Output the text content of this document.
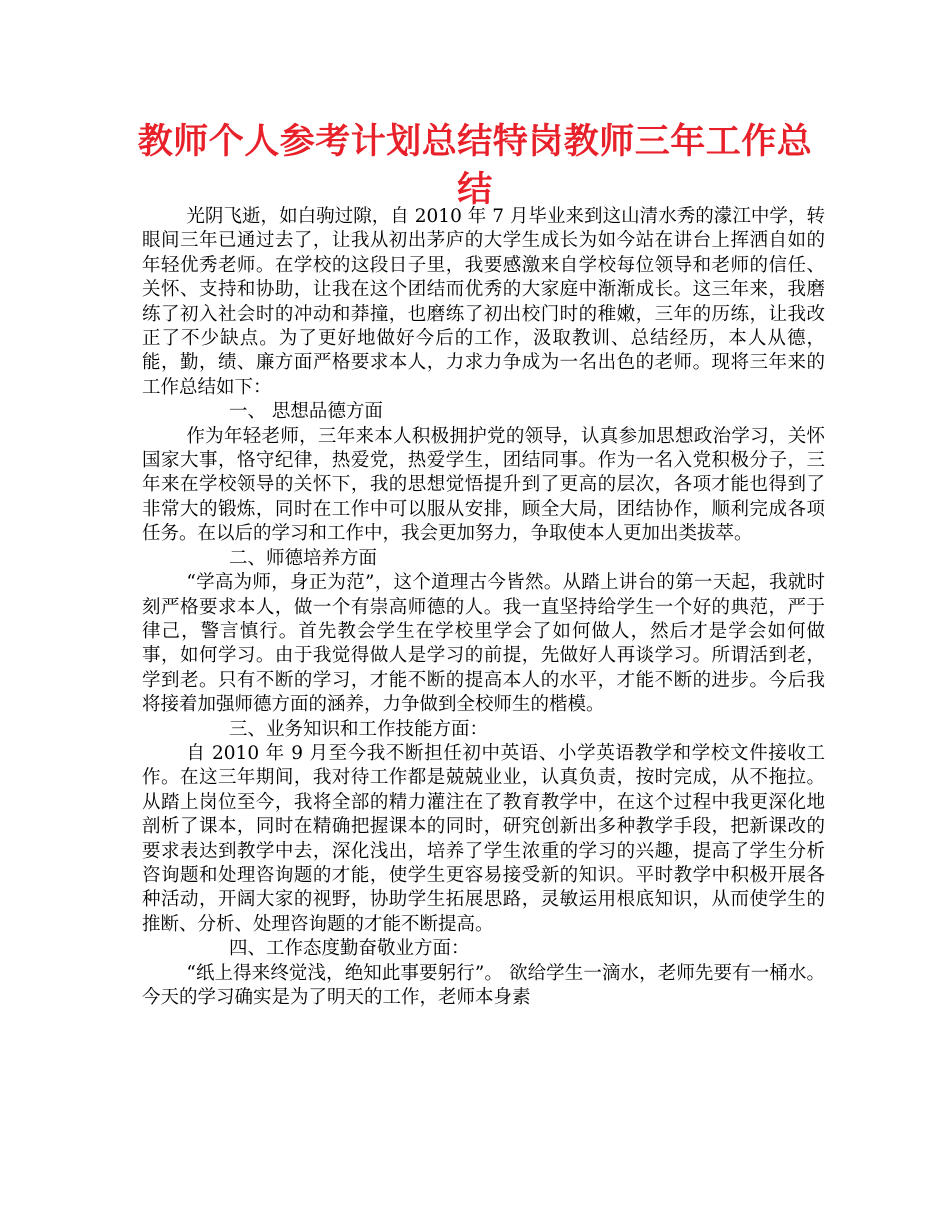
教师个人参考计划总结特岗教师三年工作总结

光阴飞逝，如白驹过隙，自 2010 年 7 月毕业来到这山清水秀的濛江中学，转眼间三年已通过去了，让我从初出茅庐的大学生成长为如今站在讲台上挥洒自如的年轻优秀老师。在学校的这段日子里，我要感激来自学校每位领导和老师的信任、关怀、支持和协助，让我在这个团结而优秀的大家庭中渐渐成长。这三年来，我磨练了初入社会时的冲动和莽撞，也磨练了初出校门时的稚嫩，三年的历练，让我改正了不少缺点。为了更好地做好今后的工作，汲取教训、总结经历，本人从德，能，勤，绩、廉方面严格要求本人，力求力争成为一名出色的老师。现将三年来的工作总结如下：

一、 思想品德方面

作为年轻老师，三年来本人积极拥护党的领导，认真参加思想政治学习，关怀国家大事，恪守纪律，热爱党，热爱学生，团结同事。作为一名入党积极分子，三年来在学校领导的关怀下，我的思想觉悟提升到了更高的层次，各项才能也得到了非常大的锻炼，同时在工作中可以服从安排，顾全大局，团结协作，顺利完成各项任务。在以后的学习和工作中，我会更加努力，争取使本人更加出类拔萃。

二、师德培养方面

“学高为师，身正为范”，这个道理古今皆然。从踏上讲台的第一天起，我就时刻严格要求本人，做一个有崇高师德的人。我一直坚持给学生一个好的典范，严于律己，警言慎行。首先教会学生在学校里学会了如何做人，然后才是学会如何做事，如何学习。由于我觉得做人是学习的前提，先做好人再谈学习。所谓活到老，学到老。只有不断的学习，才能不断的提高本人的水平，才能不断的进步。今后我将接着加强师德方面的涵养，力争做到全校师生的楷模。

三、业务知识和工作技能方面：

自 2010 年 9 月至今我不断担任初中英语、小学英语教学和学校文件接收工作。在这三年期间，我对待工作都是兢兢业业，认真负责，按时完成，从不拖拉。从踏上岗位至今，我将全部的精力灌注在了教育教学中，在这个过程中我更深化地剖析了课本，同时在精确把握课本的同时，研究创新出多种教学手段，把新课改的要求表达到教学中去，深化浅出，培养了学生浓重的学习的兴趣，提高了学生分析咨询题和处理咨询题的才能，使学生更容易接受新的知识。平时教学中积极开展各种活动，开阔大家的视野，协助学生拓展思路，灵敏运用根底知识，从而使学生的推断、分析、处理咨询题的才能不断提高。

四、工作态度勤奋敬业方面：

“纸上得来终觉浅，绝知此事要躬行”。 欲给学生一滴水，老师先要有一桶水。今天的学习确实是为了明天的工作，老师本身素
